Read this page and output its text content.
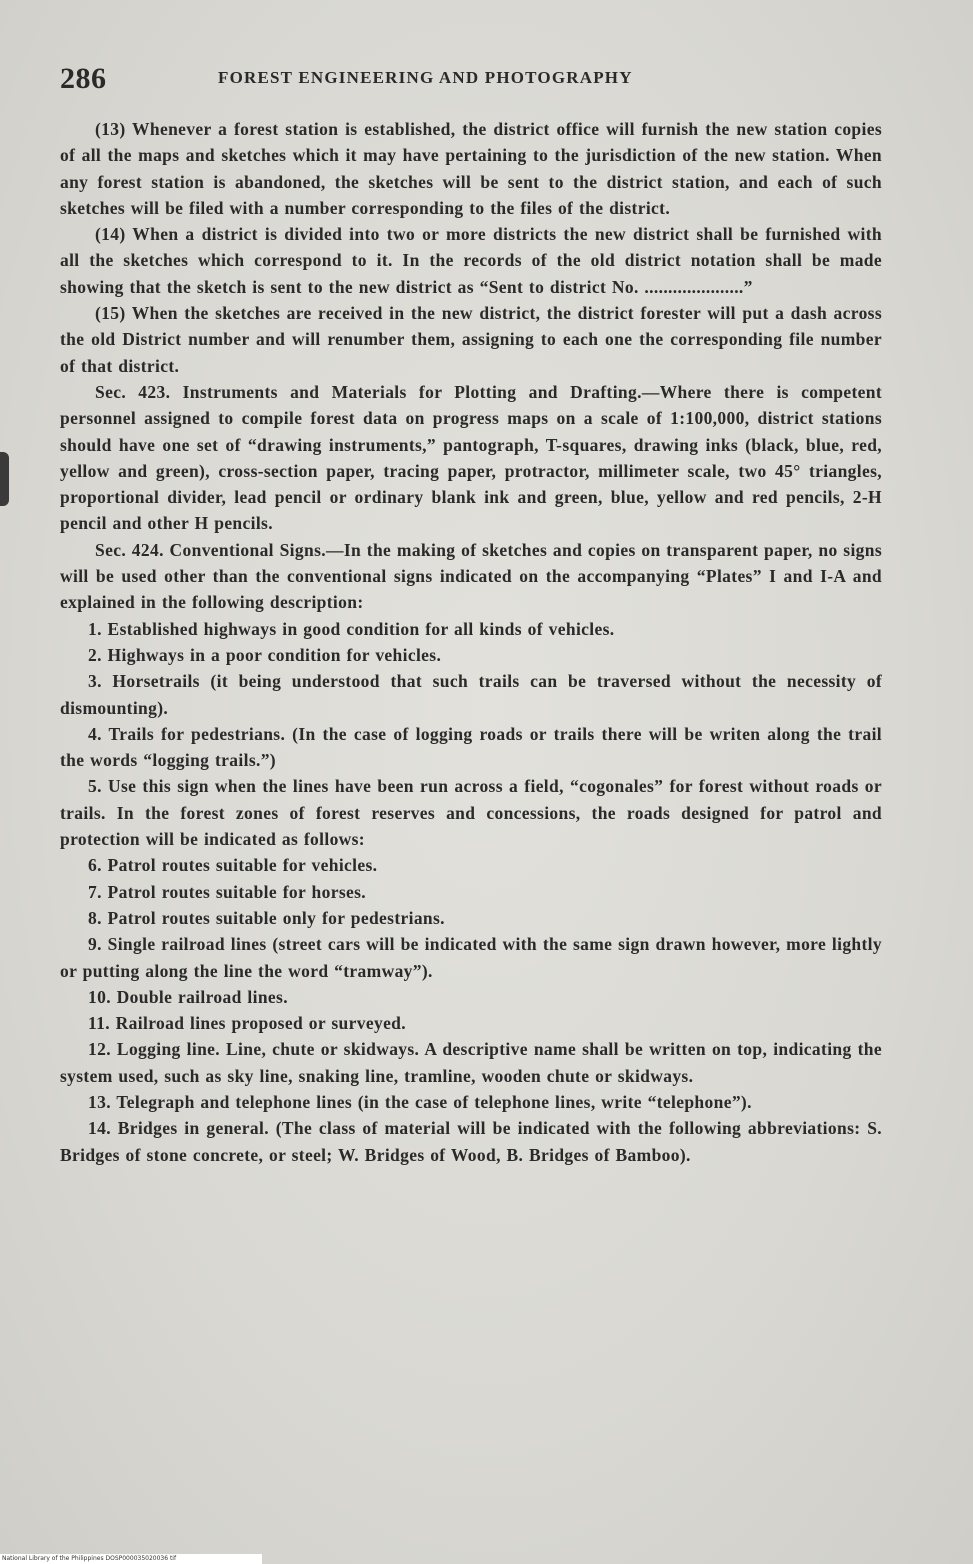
286	FOREST ENGINEERING AND PHOTOGRAPHY

(13) Whenever a forest station is established, the district office will furnish the new station copies of all the maps and sketches which it may have pertaining to the jurisdiction of the new station. When any forest station is abandoned, the sketches will be sent to the district station, and each of such sketches will be filed with a number corresponding to the files of the district.

(14) When a district is divided into two or more districts the new district shall be furnished with all the sketches which correspond to it. In the records of the old district notation shall be made showing that the sketch is sent to the new district as “Sent to district No. .....................”

(15) When the sketches are received in the new district, the district forester will put a dash across the old District number and will renumber them, assigning to each one the corresponding file number of that district.

Sec. 423. Instruments and Materials for Plotting and Drafting.—Where there is competent personnel assigned to compile forest data on progress maps on a scale of 1:100,000, district stations should have one set of “drawing instruments,” pantograph, T-squares, drawing inks (black, blue, red, yellow and green), cross-section paper, tracing paper, protractor, millimeter scale, two 45° triangles, proportional divider, lead pencil or ordinary blank ink and green, blue, yellow and red pencils, 2-H pencil and other H pencils.

Sec. 424. Conventional Signs.—In the making of sketches and copies on transparent paper, no signs will be used other than the conventional signs indicated on the accompanying “Plates” I and I-A and explained in the following description:

1. Established highways in good condition for all kinds of vehicles.

2. Highways in a poor condition for vehicles.

3. Horsetrails (it being understood that such trails can be traversed without the necessity of dismounting).

4. Trails for pedestrians. (In the case of logging roads or trails there will be writen along the trail the words “logging trails.”)

5. Use this sign when the lines have been run across a field, “cogonales” for forest without roads or trails. In the forest zones of forest reserves and concessions, the roads designed for patrol and protection will be indicated as follows:

6. Patrol routes suitable for vehicles.

7. Patrol routes suitable for horses.

8. Patrol routes suitable only for pedestrians.

9. Single railroad lines (street cars will be indicated with the same sign drawn however, more lightly or putting along the line the word “tramway”).

10. Double railroad lines.

11. Railroad lines proposed or surveyed.

12. Logging line. Line, chute or skidways. A descriptive name shall be written on top, indicating the system used, such as sky line, snaking line, tramline, wooden chute or skidways.

13. Telegraph and telephone lines (in the case of telephone lines, write “telephone”).

14. Bridges in general. (The class of material will be indicated with the following abbreviations: S. Bridges of stone concrete, or steel; W. Bridges of Wood, B. Bridges of Bamboo).

National Library of the Philippines DOSP000035020036 tif
